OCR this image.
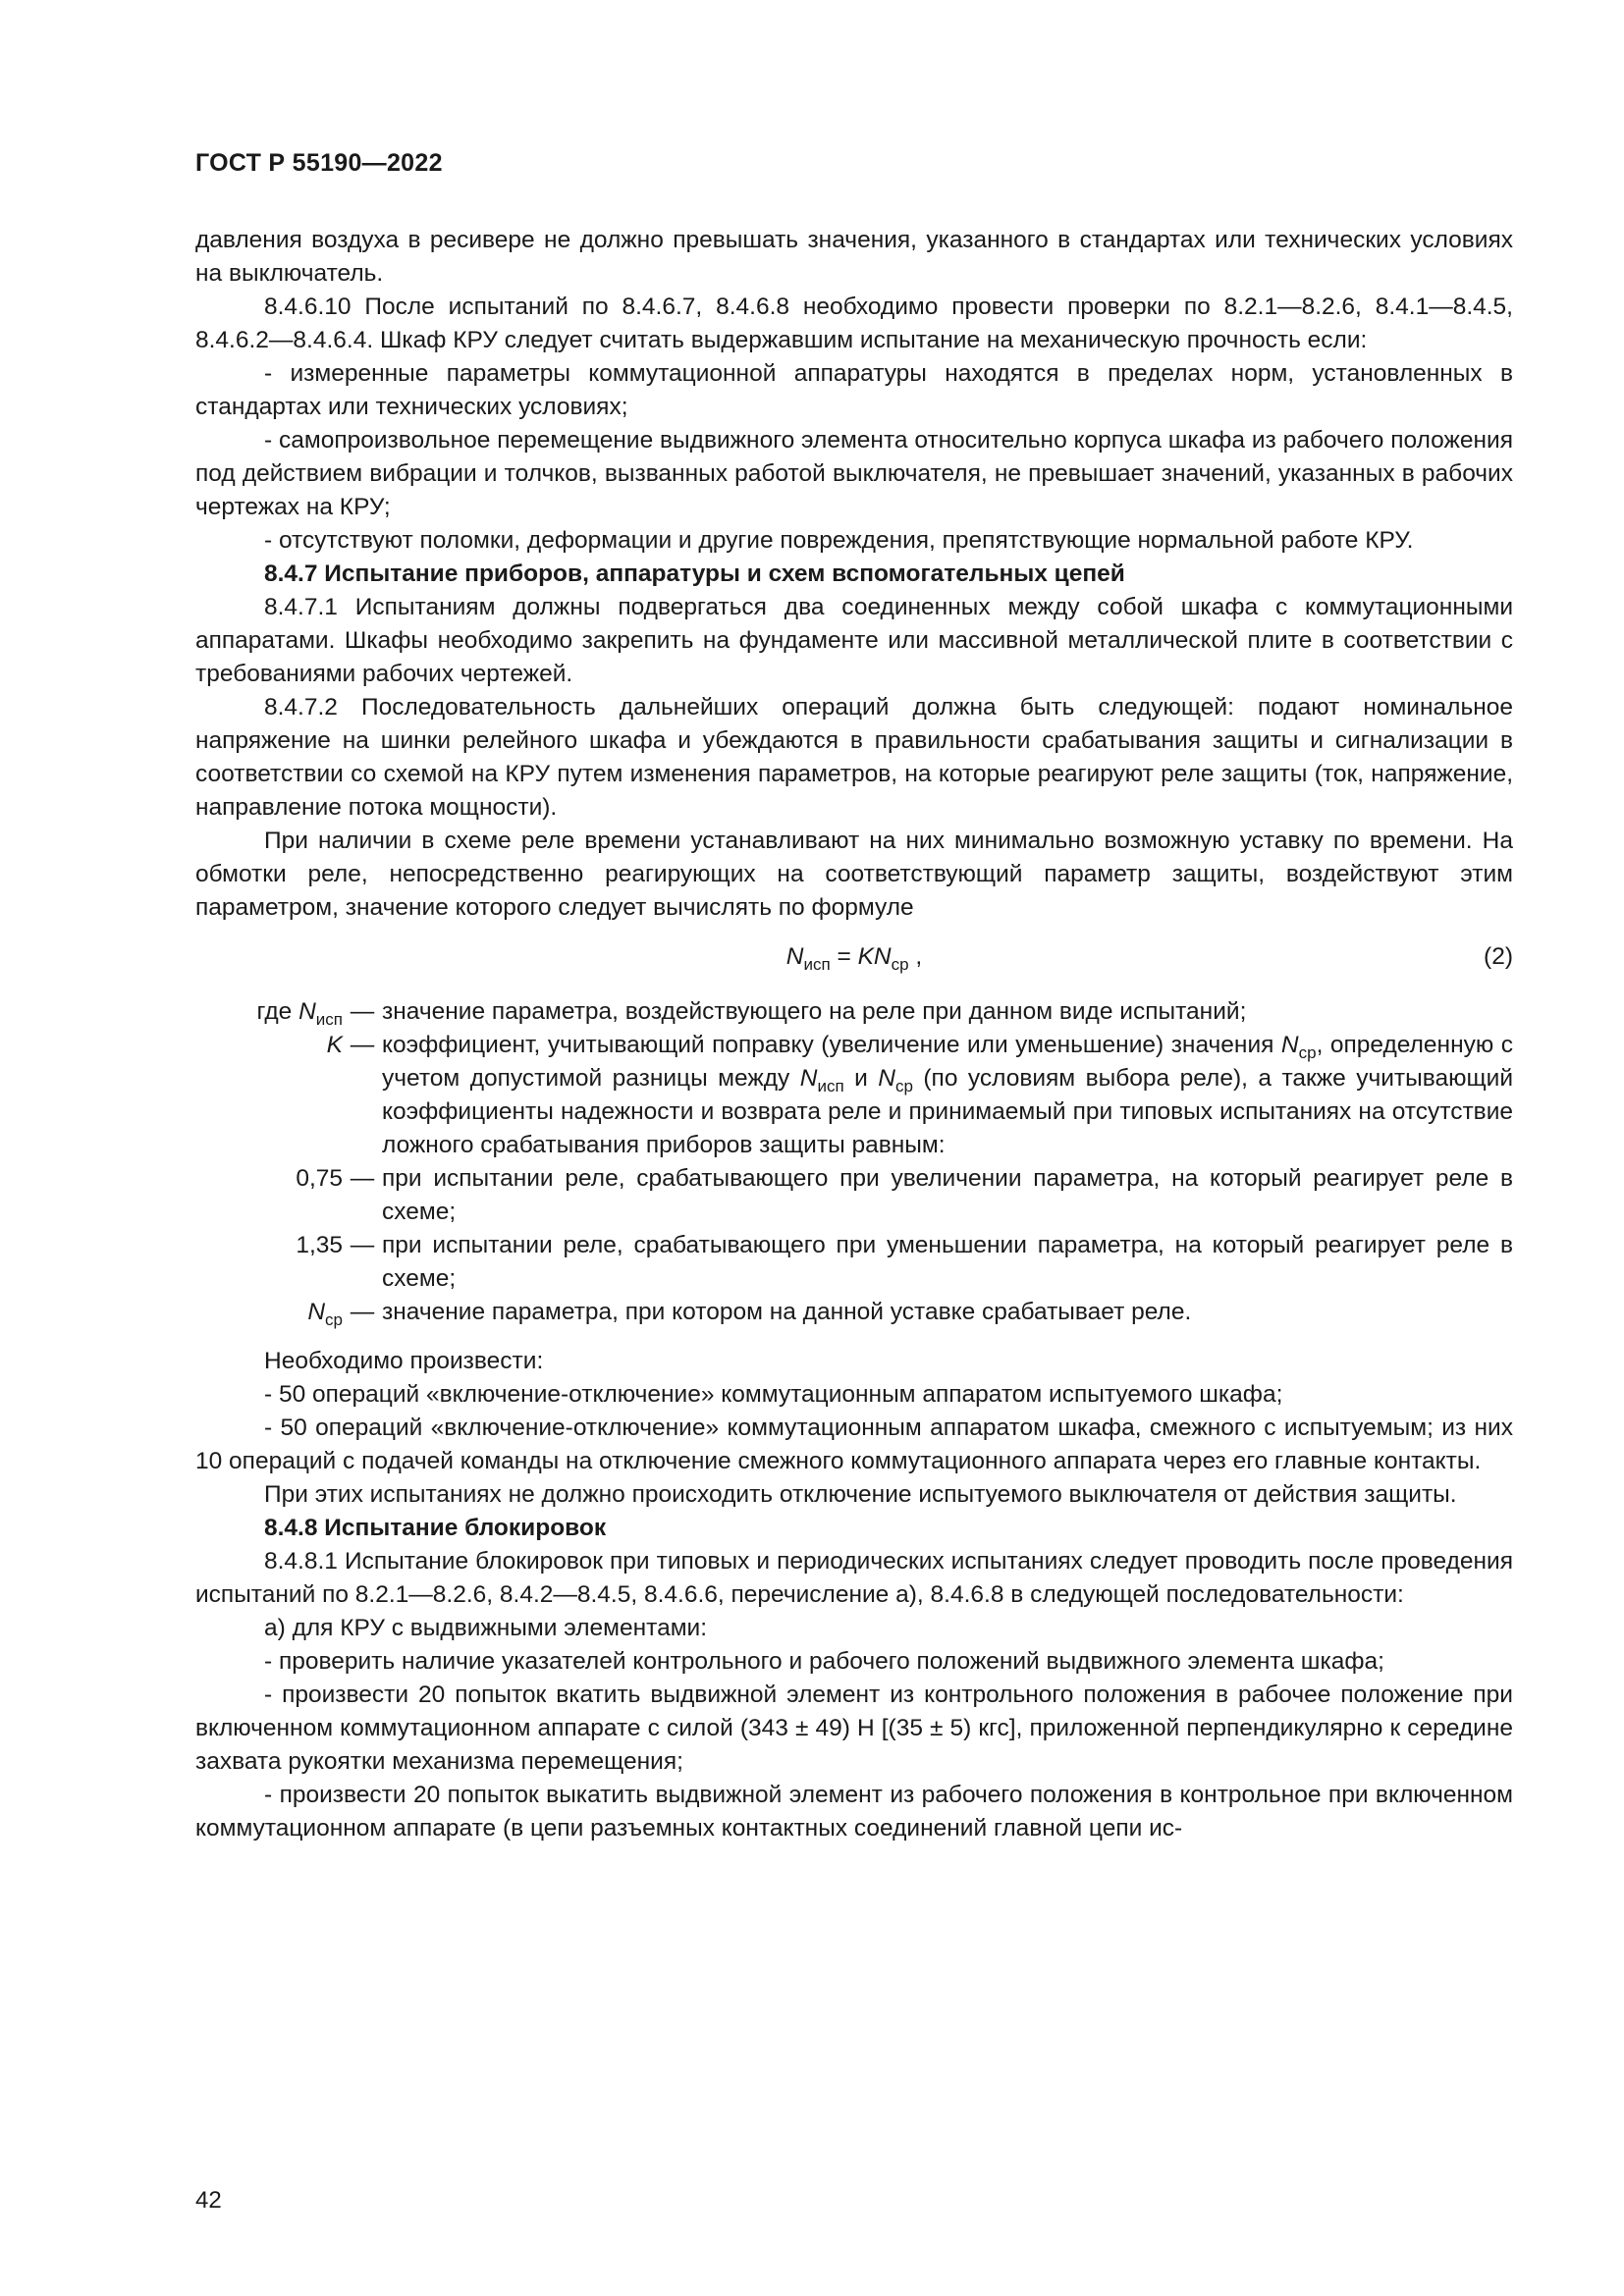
ГОСТ Р 55190—2022

давления воздуха в ресивере не должно превышать значения, указанного в стандартах или технических условиях на выключатель.

8.4.6.10 После испытаний по 8.4.6.7, 8.4.6.8 необходимо провести проверки по 8.2.1—8.2.6, 8.4.1—8.4.5, 8.4.6.2—8.4.6.4. Шкаф КРУ следует считать выдержавшим испытание на механическую прочность если:

- измеренные параметры коммутационной аппаратуры находятся в пределах норм, установленных в стандартах или технических условиях;

- самопроизвольное перемещение выдвижного элемента относительно корпуса шкафа из рабочего положения под действием вибрации и толчков, вызванных работой выключателя, не превышает значений, указанных в рабочих чертежах на КРУ;

- отсутствуют поломки, деформации и другие повреждения, препятствующие нормальной работе КРУ.

8.4.7 Испытание приборов, аппаратуры и схем вспомогательных цепей

8.4.7.1 Испытаниям должны подвергаться два соединенных между собой шкафа с коммутационными аппаратами. Шкафы необходимо закрепить на фундаменте или массивной металлической плите в соответствии с требованиями рабочих чертежей.

8.4.7.2 Последовательность дальнейших операций должна быть следующей: подают номинальное напряжение на шинки релейного шкафа и убеждаются в правильности срабатывания защиты и сигнализации в соответствии со схемой на КРУ путем изменения параметров, на которые реагируют реле защиты (ток, напряжение, направление потока мощности).

При наличии в схеме реле времени устанавливают на них минимально возможную уставку по времени. На обмотки реле, непосредственно реагирующих на соответствующий параметр защиты, воздействуют этим параметром, значение которого следует вычислять по формуле

$N_{исп} = KN_{ср}$ ,	(2)
где $N_{исп}$	—	значение параметра, воздействующего на реле при данном виде испытаний;
K	—	коэффициент, учитывающий поправку (увеличение или уменьшение) значения $N_{ср}$, определенную с учетом допустимой разницы между $N_{исп}$ и $N_{ср}$ (по условиям выбора реле), а также учитывающий коэффициенты надежности и возврата реле и принимаемый при типовых испытаниях на отсутствие ложного срабатывания приборов защиты равным:
0,75	—	при испытании реле, срабатывающего при увеличении параметра, на который реагирует реле в схеме;
1,35	—	при испытании реле, срабатывающего при уменьшении параметра, на который реагирует реле в схеме;
$N_{ср}$	—	значение параметра, при котором на данной уставке срабатывает реле.

Необходимо произвести:

- 50 операций «включение-отключение» коммутационным аппаратом испытуемого шкафа;

- 50 операций «включение-отключение» коммутационным аппаратом шкафа, смежного с испытуемым; из них 10 операций с подачей команды на отключение смежного коммутационного аппарата через его главные контакты.

При этих испытаниях не должно происходить отключение испытуемого выключателя от действия защиты.

8.4.8 Испытание блокировок

8.4.8.1 Испытание блокировок при типовых и периодических испытаниях следует проводить после проведения испытаний по 8.2.1—8.2.6, 8.4.2—8.4.5, 8.4.6.6, перечисление а), 8.4.6.8 в следующей последовательности:

а) для КРУ с выдвижными элементами:

- проверить наличие указателей контрольного и рабочего положений выдвижного элемента шкафа;

- произвести 20 попыток вкатить выдвижной элемент из контрольного положения в рабочее положение при включенном коммутационном аппарате с силой (343 ± 49) Н [(35 ± 5) кгс], приложенной перпендикулярно к середине захвата рукоятки механизма перемещения;

- произвести 20 попыток выкатить выдвижной элемент из рабочего положения в контрольное при включенном коммутационном аппарате (в цепи разъемных контактных соединений главной цепи ис-

42
